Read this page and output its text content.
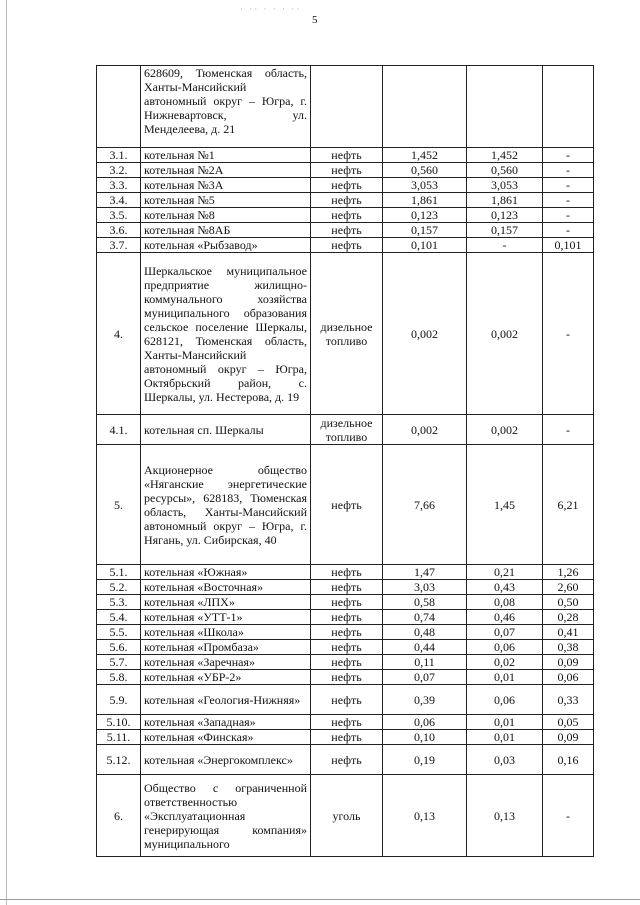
· ·· · · · ··
5
	628609, Тюменская область, Ханты-Мансийский автономный округ – Югра, г. Нижневартовск, ул. Менделеева, д. 21				
3.1.	котельная №1	нефть	1,452	1,452	-
3.2.	котельная №2А	нефть	0,560	0,560	-
3.3.	котельная №3А	нефть	3,053	3,053	-
3.4.	котельная №5	нефть	1,861	1,861	-
3.5.	котельная №8	нефть	0,123	0,123	-
3.6.	котельная №8АБ	нефть	0,157	0,157	-
3.7.	котельная «Рыбзавод»	нефть	0,101	-	0,101
4.	Шеркальское муниципальное предприятие жилищно-коммунального хозяйства муниципального образования сельское поселение Шеркалы, 628121, Тюменская область, Ханты-Мансийский автономный округ – Югра, Октябрьский район, с. Шеркалы, ул. Нестерова, д. 19	дизельное топливо	0,002	0,002	-
4.1.	котельная сп. Шеркалы	дизельное топливо	0,002	0,002	-
5.	Акционерное общество «Няганские энергетические ресурсы», 628183, Тюменская область, Ханты-Мансийский автономный округ – Югра, г. Нягань, ул. Сибирская, 40	нефть	7,66	1,45	6,21
5.1.	котельная «Южная»	нефть	1,47	0,21	1,26
5.2.	котельная «Восточная»	нефть	3,03	0,43	2,60
5.3.	котельная «ЛПХ»	нефть	0,58	0,08	0,50
5.4.	котельная «УТТ-1»	нефть	0,74	0,46	0,28
5.5.	котельная «Школа»	нефть	0,48	0,07	0,41
5.6.	котельная «Промбаза»	нефть	0,44	0,06	0,38
5.7.	котельная «Заречная»	нефть	0,11	0,02	0,09
5.8.	котельная «УБР-2»	нефть	0,07	0,01	0,06
5.9.	котельная «Геология-Нижняя»	нефть	0,39	0,06	0,33
5.10.	котельная «Западная»	нефть	0,06	0,01	0,05
5.11.	котельная «Финская»	нефть	0,10	0,01	0,09
5.12.	котельная «Энергокомплекс»	нефть	0,19	0,03	0,16
6.	Общество с ограниченной ответственностью «Эксплуатационная генерирующая компания» муниципального	уголь	0,13	0,13	-
